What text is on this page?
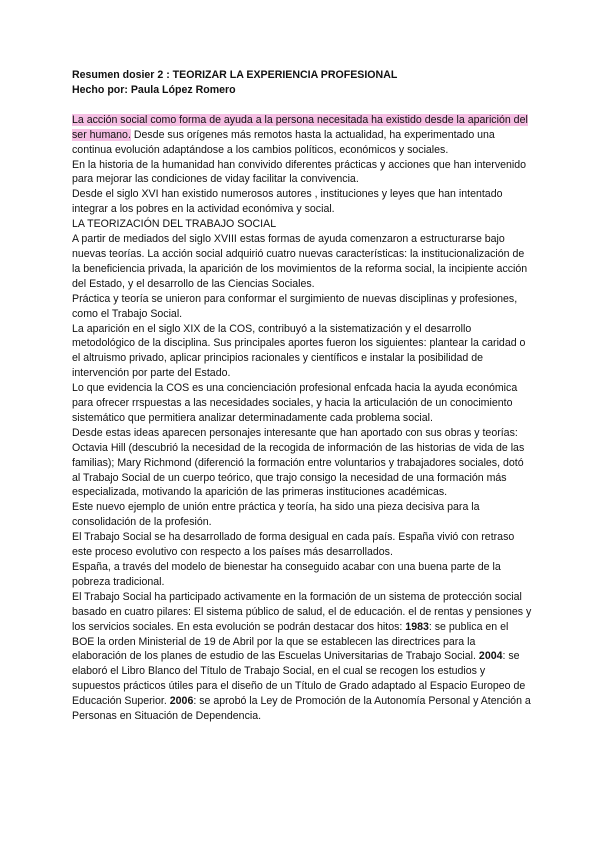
Resumen dosier 2 : TEORIZAR LA EXPERIENCIA PROFESIONAL
Hecho por: Paula López Romero

La acción social como forma de ayuda a la persona necesitada ha existido desde la aparición del ser humano. Desde sus orígenes más remotos hasta la actualidad, ha experimentado una continua evolución adaptándose a los cambios políticos, económicos y sociales.

En la historia de la humanidad han convivido diferentes prácticas y acciones que han intervenido para mejorar las condiciones de viday facilitar la convivencia.

Desde el siglo XVI han existido numerosos autores , instituciones y leyes que han intentado integrar a los pobres en la actividad económiva y social.

LA TEORIZACIÓN DEL TRABAJO SOCIAL

A partir de mediados del siglo XVIII estas formas de ayuda comenzaron a estructurarse bajo nuevas teorías. La acción social adquirió cuatro nuevas características: la institucionalización de la beneficiencia privada, la aparición de los movimientos de la reforma social, la incipiente acción del Estado, y el desarrollo de las Ciencias Sociales.

Práctica y teoría se unieron para conformar el surgimiento de nuevas disciplinas y profesiones, como el Trabajo Social.

La aparición en el siglo XIX de la COS, contribuyó a la sistematización y el desarrollo metodológico de la disciplina. Sus principales aportes fueron los siguientes: plantear la caridad o el altruismo privado, aplicar principios racionales y científicos e instalar la posibilidad de intervención por parte del Estado.

Lo que evidencia la COS es una concienciación profesional enfcada hacia la ayuda económica para ofrecer rrspuestas a las necesidades sociales, y hacia la articulación de un conocimiento sistemático que permitiera analizar determinadamente cada problema social.

Desde estas ideas aparecen personajes interesante que han aportado con sus obras y teorías: Octavia Hill (descubrió la necesidad de la recogida de información de las historias de vida de las familias); Mary Richmond (diferenció la formación entre voluntarios y trabajadores sociales, dotó al Trabajo Social de un cuerpo teórico, que trajo consigo la necesidad de una formación más especializada, motivando la aparición de las primeras instituciones académicas.

Este nuevo ejemplo de unión entre práctica y teoría, ha sido una pieza decisiva para la consolidación de la profesión.

El Trabajo Social se ha desarrollado de forma desigual en cada país. España vivió con retraso este proceso evolutivo con respecto a los países más desarrollados.

España, a través del modelo de bienestar ha conseguido acabar con una buena parte de la pobreza tradicional.

El Trabajo Social ha participado activamente en la formación de un sistema de protección social basado en cuatro pilares: El sistema público de salud, el de educación. el de rentas y pensiones y los servicios sociales. En esta evolución se podrán destacar dos hitos: 1983: se publica en el BOE la orden Ministerial de 19 de Abril por la que se establecen las directrices para la elaboración de los planes de estudio de las Escuelas Universitarias de Trabajo Social. 2004: se elaboró el Libro Blanco del Título de Trabajo Social, en el cual se recogen los estudios y supuestos prácticos útiles para el diseño de un Título de Grado adaptado al Espacio Europeo de Educación Superior. 2006: se aprobó la Ley de Promoción de la Autonomía Personal y Atención a Personas en Situación de Dependencia.
